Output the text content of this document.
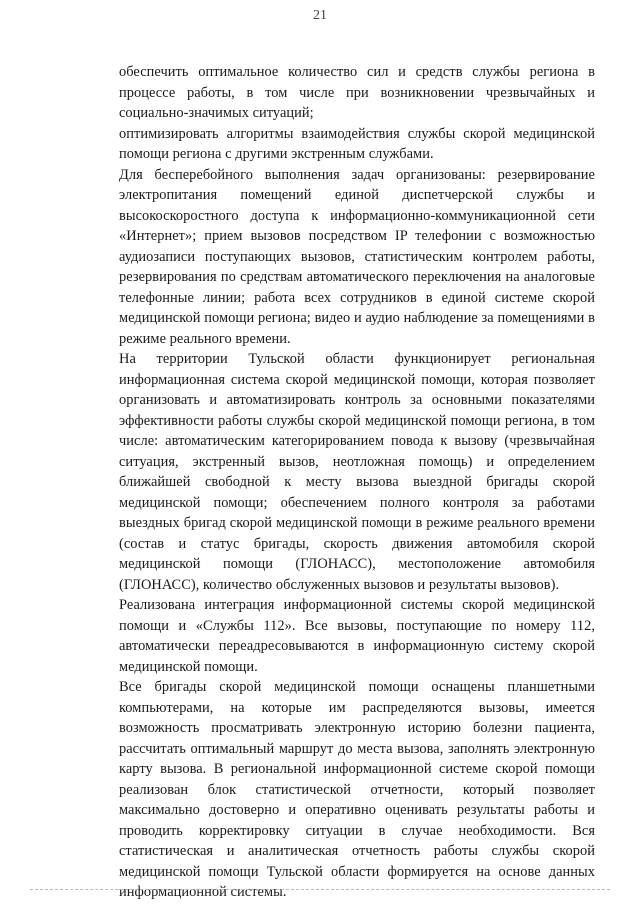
21

обеспечить оптимальное количество сил и средств службы региона в процессе работы, в том числе при возникновении чрезвычайных и социально-значимых ситуаций;

оптимизировать алгоритмы взаимодействия службы скорой медицинской помощи региона с другими экстренным службами.

Для бесперебойного выполнения задач организованы: резервирование электропитания помещений единой диспетчерской службы и высокоскоростного доступа к информационно-коммуникационной сети «Интернет»; прием вызовов посредством IP телефонии с возможностью аудиозаписи поступающих вызовов, статистическим контролем работы, резервирования по средствам автоматического переключения на аналоговые телефонные линии; работа всех сотрудников в единой системе скорой медицинской помощи региона; видео и аудио наблюдение за помещениями в режиме реального времени.

На территории Тульской области функционирует региональная информационная система скорой медицинской помощи, которая позволяет организовать и автоматизировать контроль за основными показателями эффективности работы службы скорой медицинской помощи региона, в том числе: автоматическим категорированием повода к вызову (чрезвычайная ситуация, экстренный вызов, неотложная помощь) и определением ближайшей свободной к месту вызова выездной бригады скорой медицинской помощи; обеспечением полного контроля за работами выездных бригад скорой медицинской помощи в режиме реального времени (состав и статус бригады, скорость движения автомобиля скорой медицинской помощи (ГЛОНАСС), местоположение автомобиля (ГЛОНАСС), количество обслуженных вызовов и результаты вызовов).

Реализована интеграция информационной системы скорой медицинской помощи и «Службы 112». Все вызовы, поступающие по номеру 112, автоматически переадресовываются в информационную систему скорой медицинской помощи.

Все бригады скорой медицинской помощи оснащены планшетными компьютерами, на которые им распределяются вызовы, имеется возможность просматривать электронную историю болезни пациента, рассчитать оптимальный маршрут до места вызова, заполнять электронную карту вызова. В региональной информационной системе скорой помощи реализован блок статистической отчетности, который позволяет максимально достоверно и оперативно оценивать результаты работы и проводить корректировку ситуации в случае необходимости. Вся статистическая и аналитическая отчетность работы службы скорой медицинской помощи Тульской области формируется на основе данных информационной системы.
